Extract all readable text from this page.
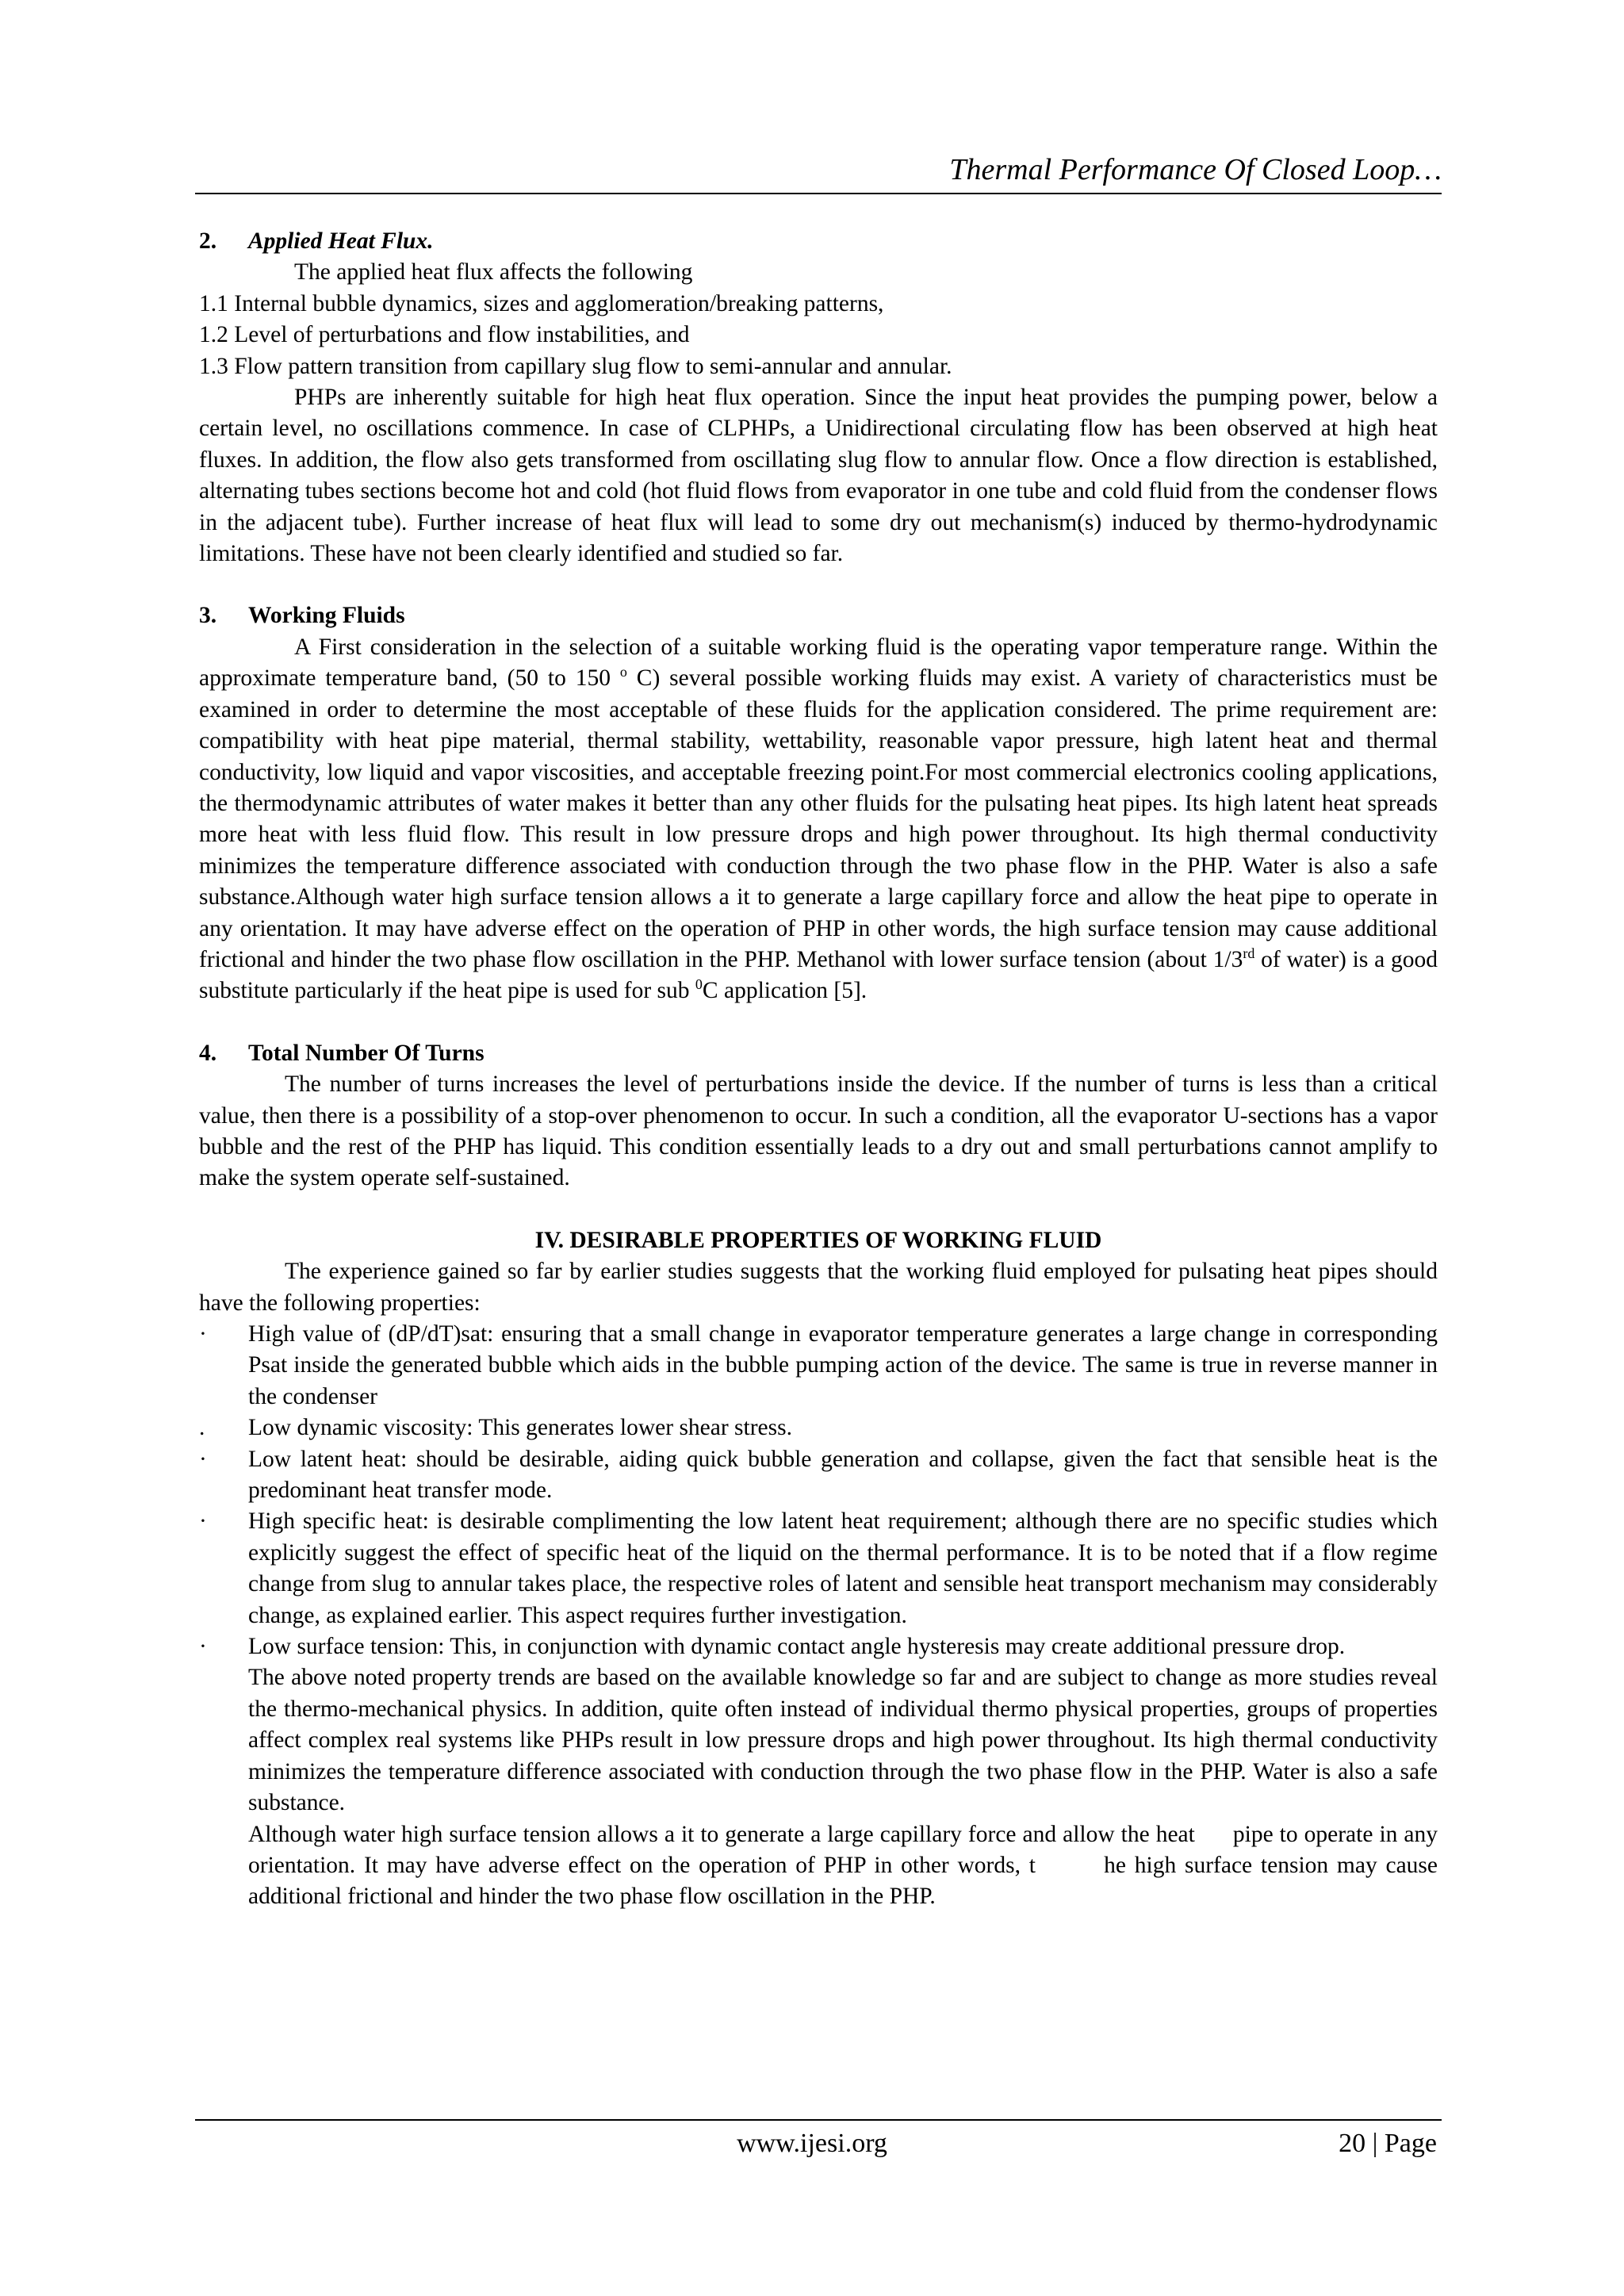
Thermal Performance Of Closed Loop…
2. Applied Heat Flux.

The applied heat flux affects the following

1.1 Internal bubble dynamics, sizes and agglomeration/breaking patterns,

1.2 Level of perturbations and flow instabilities, and

1.3 Flow pattern transition from capillary slug flow to semi-annular and annular.

PHPs are inherently suitable for high heat flux operation. Since the input heat provides the pumping power, below a certain level, no oscillations commence. In case of CLPHPs, a Unidirectional circulating flow has been observed at high heat fluxes. In addition, the flow also gets transformed from oscillating slug flow to annular flow. Once a flow direction is established, alternating tubes sections become hot and cold (hot fluid flows from evaporator in one tube and cold fluid from the condenser flows in the adjacent tube). Further increase of heat flux will lead to some dry out mechanism(s) induced by thermo-hydrodynamic limitations. These have not been clearly identified and studied so far.

3. Working Fluids

A First consideration in the selection of a suitable working fluid is the operating vapor temperature range. Within the approximate temperature band, (50 to 150 $^o$ C) several possible working fluids may exist. A variety of characteristics must be examined in order to determine the most acceptable of these fluids for the application considered. The prime requirement are: compatibility with heat pipe material, thermal stability, wettability, reasonable vapor pressure, high latent heat and thermal conductivity, low liquid and vapor viscosities, and acceptable freezing point.For most commercial electronics cooling applications, the thermodynamic attributes of water makes it better than any other fluids for the pulsating heat pipes. Its high latent heat spreads more heat with less fluid flow. This result in low pressure drops and high power throughout. Its high thermal conductivity minimizes the temperature difference associated with conduction through the two phase flow in the PHP. Water is also a safe substance.Although water high surface tension allows a it to generate a large capillary force and allow the heat pipe to operate in any orientation. It may have adverse effect on the operation of PHP in other words, the high surface tension may cause additional frictional and hinder the two phase flow oscillation in the PHP. Methanol with lower surface tension (about 1/3rd of water) is a good substitute particularly if the heat pipe is used for sub $^0$C application [5].

4. Total Number Of Turns

The number of turns increases the level of perturbations inside the device. If the number of turns is less than a critical value, then there is a possibility of a stop-over phenomenon to occur. In such a condition, all the evaporator U-sections has a vapor bubble and the rest of the PHP has liquid. This condition essentially leads to a dry out and small perturbations cannot amplify to make the system operate self-sustained.

IV. DESIRABLE PROPERTIES OF WORKING FLUID

The experience gained so far by earlier studies suggests that the working fluid employed for pulsating heat pipes should have the following properties:

·	High value of (dP/dT)sat: ensuring that a small change in evaporator temperature generates a large change in corresponding Psat inside the generated bubble which aids in the bubble pumping action of the device. The same is true in reverse manner in the condenser
.	Low dynamic viscosity: This generates lower shear stress.
·	Low latent heat: should be desirable, aiding quick bubble generation and collapse, given the fact that sensible heat is the predominant heat transfer mode.
·	High specific heat: is desirable complimenting the low latent heat requirement; although there are no specific studies which explicitly suggest the effect of specific heat of the liquid on the thermal performance. It is to be noted that if a flow regime change from slug to annular takes place, the respective roles of latent and sensible heat transport mechanism may considerably change, as explained earlier. This aspect requires further investigation.
·	Low surface tension: This, in conjunction with dynamic contact angle hysteresis may create additional pressure drop.

The above noted property trends are based on the available knowledge so far and are subject to change as more studies reveal the thermo-mechanical physics. In addition, quite often instead of individual thermo physical properties, groups of properties affect complex real systems like PHPs result in low pressure drops and high power throughout. Its high thermal conductivity minimizes the temperature difference associated with conduction through the two phase flow in the PHP. Water is also a safe substance.

Although water high surface tension allows a it to generate a large capillary force and allow the heat      pipe to operate in any orientation. It may have adverse effect on the operation of PHP in other words, t        he high surface tension may cause additional frictional and hinder the two phase flow oscillation in the PHP.

www.ijesi.org	20 | Page
